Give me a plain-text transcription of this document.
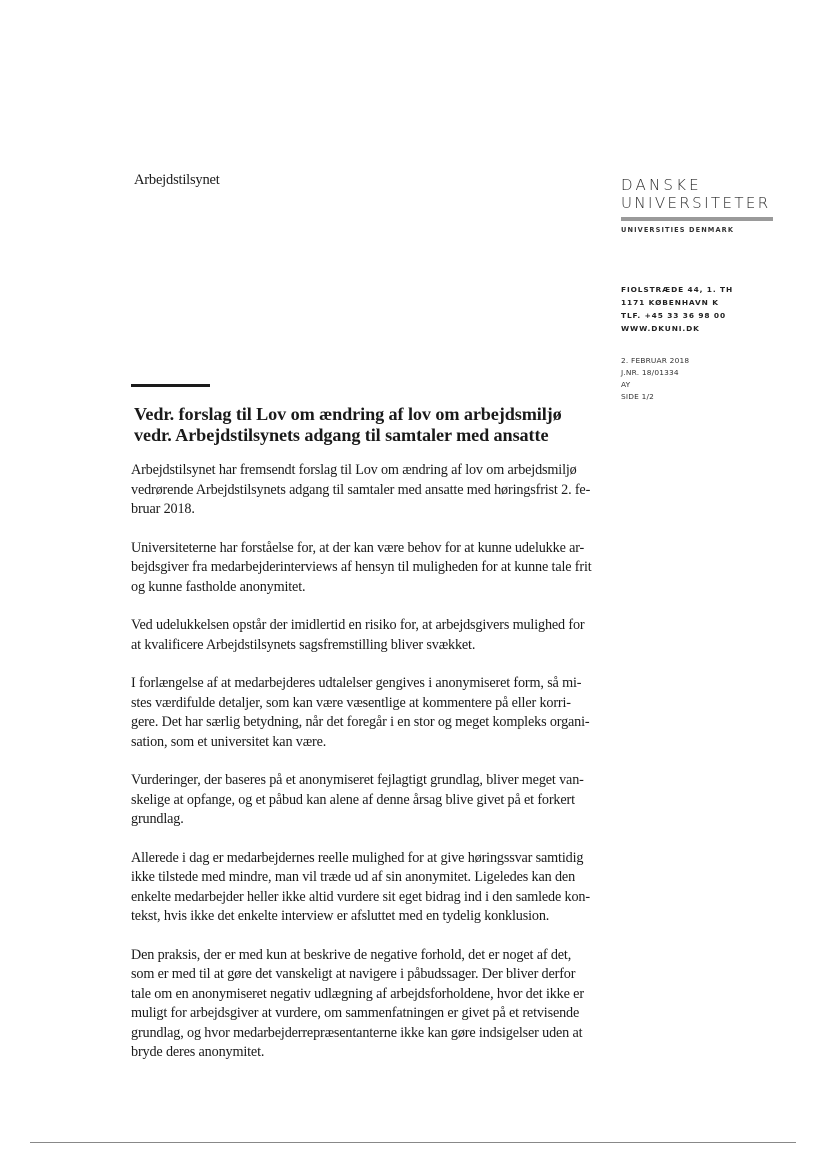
Arbejdstilsynet	DANSKE
UNIVERSITETER
UNIVERSITIES DENMARK
FIOLSTRÆDE 44, 1. TH
1171 KØBENHAVN K
TLF. +45 33 36 98 00
WWW.DKUNI.DK
2. FEBRUAR 2018
J.NR. 18/01334
AY
SIDE 1/2
Vedr. forslag til Lov om ændring af lov om arbejdsmiljø
vedr. Arbejdstilsynets adgang til samtaler med ansatte

Arbejdstilsynet har fremsendt forslag til Lov om ændring af lov om arbejdsmiljø
vedrørende Arbejdstilsynets adgang til samtaler med ansatte med høringsfrist 2. fe-
bruar 2018.

Universiteterne har forståelse for, at der kan være behov for at kunne udelukke ar-
bejdsgiver fra medarbejderinterviews af hensyn til muligheden for at kunne tale frit
og kunne fastholde anonymitet.

Ved udelukkelsen opstår der imidlertid en risiko for, at arbejdsgivers mulighed for
at kvalificere Arbejdstilsynets sagsfremstilling bliver svækket.

I forlængelse af at medarbejderes udtalelser gengives i anonymiseret form, så mi-
stes værdifulde detaljer, som kan være væsentlige at kommentere på eller korri-
gere. Det har særlig betydning, når det foregår i en stor og meget kompleks organi-
sation, som et universitet kan være.

Vurderinger, der baseres på et anonymiseret fejlagtigt grundlag, bliver meget van-
skelige at opfange, og et påbud kan alene af denne årsag blive givet på et forkert
grundlag.

Allerede i dag er medarbejdernes reelle mulighed for at give høringssvar samtidig
ikke tilstede med mindre, man vil træde ud af sin anonymitet. Ligeledes kan den
enkelte medarbejder heller ikke altid vurdere sit eget bidrag ind i den samlede kon-
tekst, hvis ikke det enkelte interview er afsluttet med en tydelig konklusion.

Den praksis, der er med kun at beskrive de negative forhold, det er noget af det,
som er med til at gøre det vanskeligt at navigere i påbudssager. Der bliver derfor
tale om en anonymiseret negativ udlægning af arbejdsforholdene, hvor det ikke er
muligt for arbejdsgiver at vurdere, om sammenfatningen er givet på et retvisende
grundlag, og hvor medarbejderrepræsentanterne ikke kan gøre indsigelser uden at
bryde deres anonymitet.
